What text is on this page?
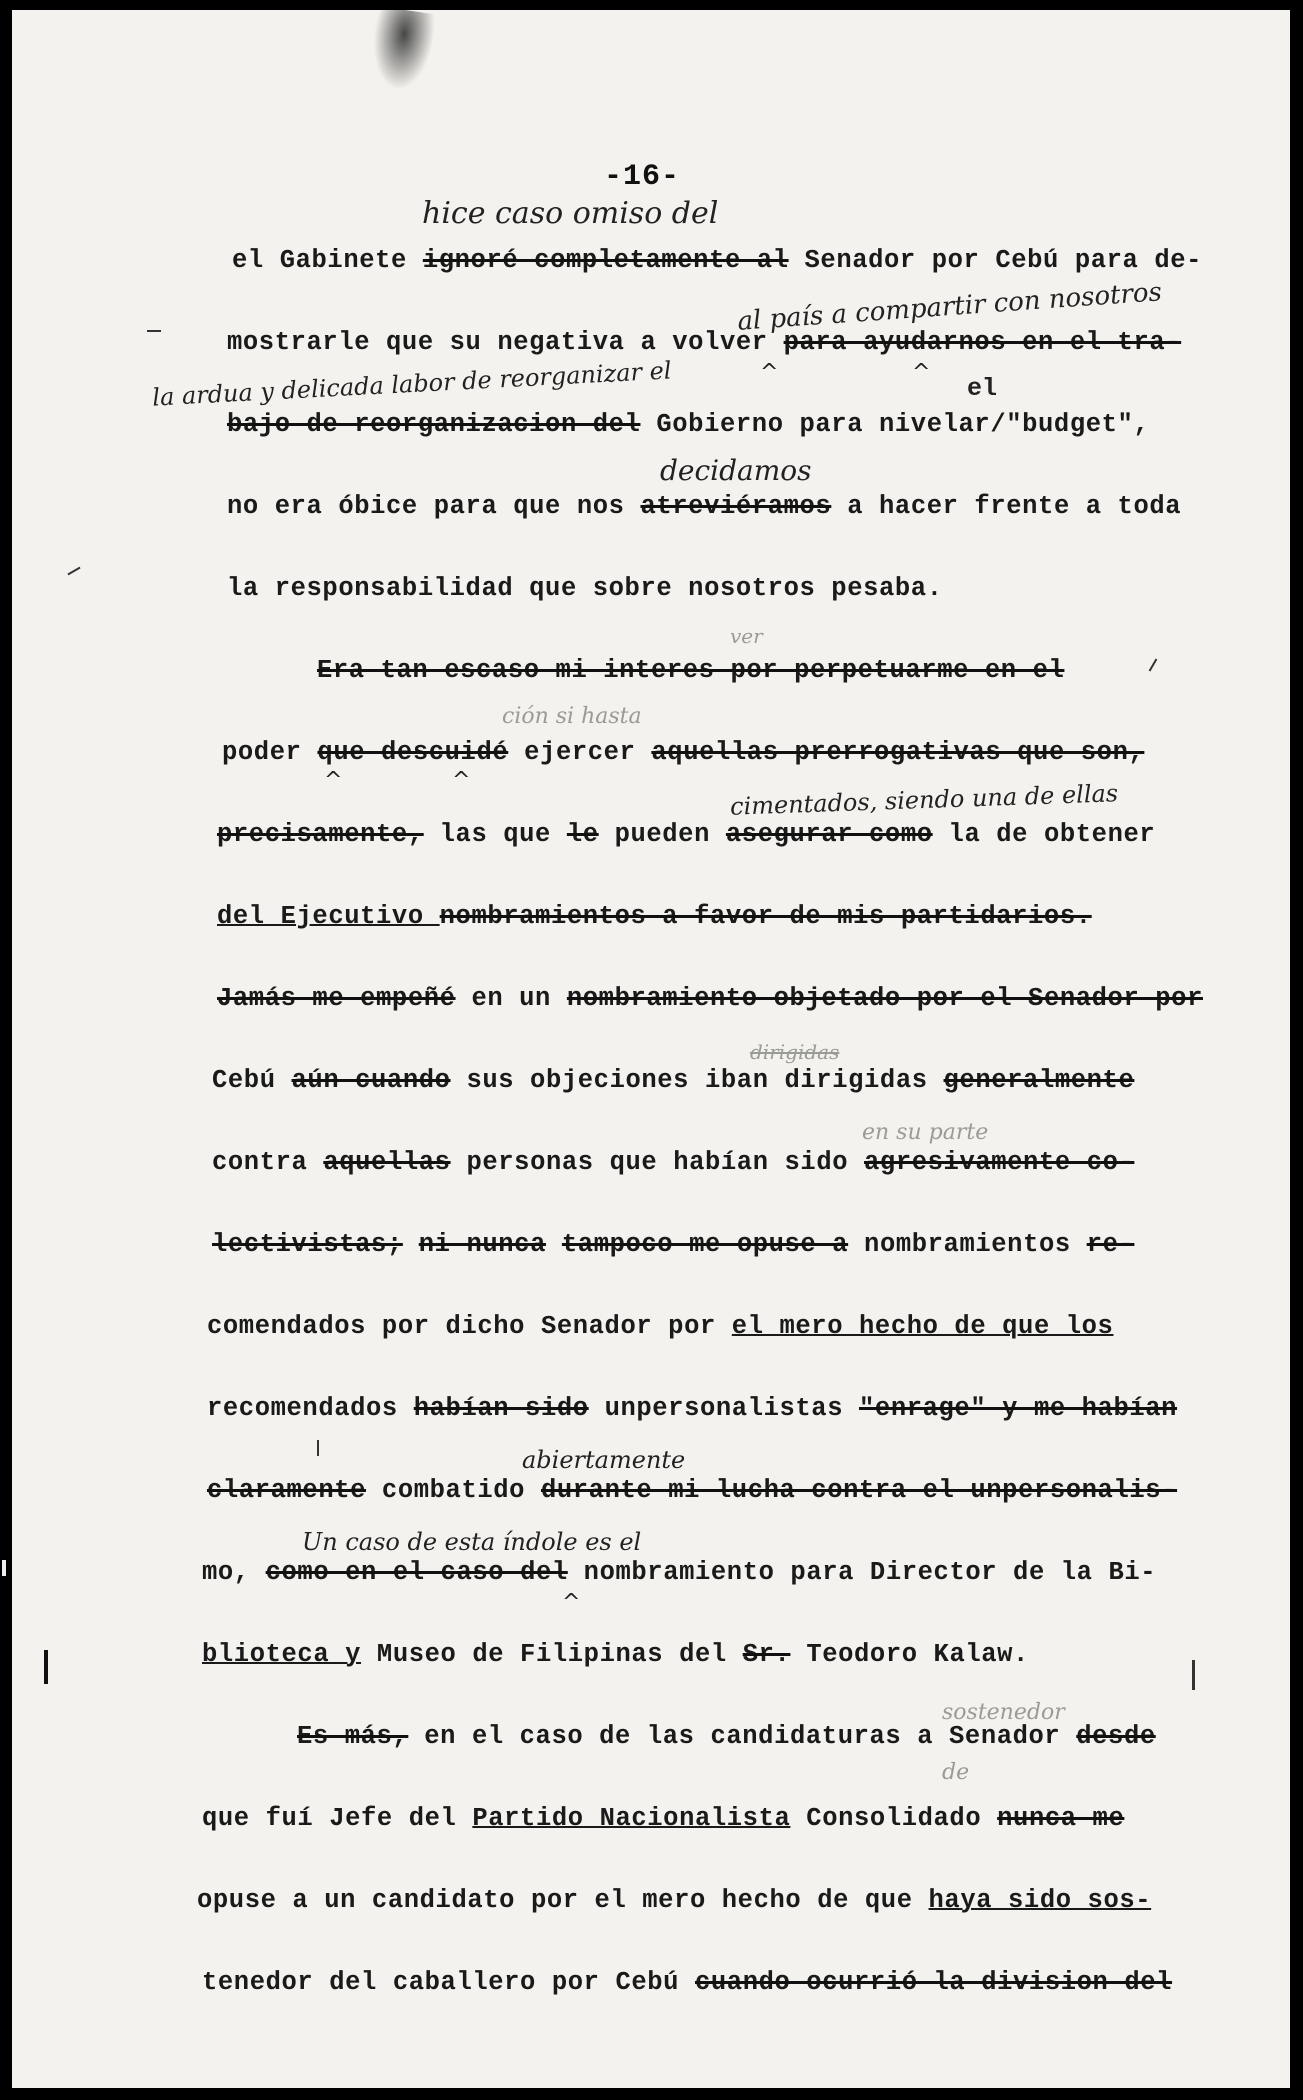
-16-
el Gabinete ignoré completamente al Senador por Cebú para de-
mostrarle que su negativa a volver para ayudarnos en el tra-
bajo de reorganizacion del Gobierno para nivelar/"budget",
no era óbice para que nos atreviéramos a hacer frente a toda
la responsabilidad que sobre nosotros pesaba.
Era tan escaso mi interes por perpetuarme en el
poder que descuidé ejercer aquellas prerrogativas que son,
precisamente, las que le pueden asegurar como la de obtener
del Ejecutivo nombramientos a favor de mis partidarios.
Jamás me empeñé en un nombramiento objetado por el Senador por
Cebú aún cuando sus objeciones iban dirigidas generalmente
contra aquellas personas que habían sido agresivamente co-
lectivistas; ni nunca tampoco me opuse a nombramientos re-
comendados por dicho Senador por el mero hecho de que los
recomendados habían sido unpersonalistas "enrage" y me habían
claramente combatido durante mi lucha contra el unpersonalis-
mo, como en el caso del nombramiento para Director de la Bi-
blioteca y Museo de Filipinas del Sr. Teodoro Kalaw.
Es más, en el caso de las candidaturas a Senador desde
que fuí Jefe del Partido Nacionalista Consolidado nunca me
opuse a un candidato por el mero hecho de que haya sido sos-
tenedor del caballero por Cebú cuando ocurrió la division del
hice caso omiso del
al país a compartir con nosotros
la ardua y delicada labor de reorganizar el	el
decidamos
ver
ción si hasta
cimentados, siendo una de ellas
dirigidas
en su parte
abiertamente
Un caso de esta índole es el
de
sostenedor
^	^
^	^
^
